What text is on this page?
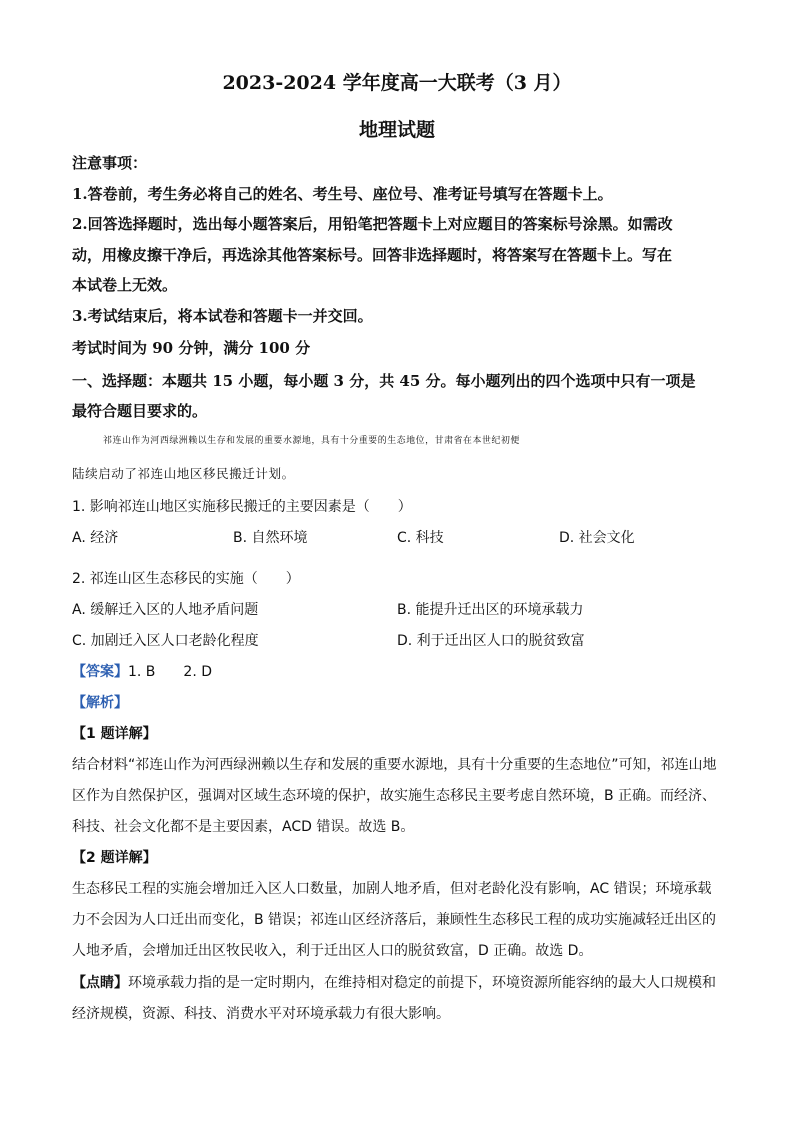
2023-2024 学年度高一大联考（3 月）
地理试题
注意事项：
1.答卷前，考生务必将自己的姓名、考生号、座位号、准考证号填写在答题卡上。
2.回答选择题时，选出每小题答案后，用铅笔把答题卡上对应题目的答案标号涂黑。如需改
动，用橡皮擦干净后，再选涂其他答案标号。回答非选择题时，将答案写在答题卡上。写在
本试卷上无效。
3.考试结束后，将本试卷和答题卡一并交回。
考试时间为 90 分钟，满分 100 分
一、选择题：本题共 15 小题，每小题 3 分，共 45 分。每小题列出的四个选项中只有一项是
最符合题目要求的。
祁连山作为河西绿洲赖以生存和发展的重要水源地，具有十分重要的生态地位，甘肃省在本世纪初便
陆续启动了祁连山地区移民搬迁计划。
1. 影响祁连山地区实施移民搬迁的主要因素是（　　）
A. 经济	B. 自然环境	C. 科技	D. 社会文化
2. 祁连山区生态移民的实施（　　）
A. 缓解迁入区的人地矛盾问题	B. 能提升迁出区的环境承载力
C. 加剧迁入区人口老龄化程度	D. 利于迁出区人口的脱贫致富
【答案】1. B　　2. D
【解析】
【1 题详解】
结合材料“祁连山作为河西绿洲赖以生存和发展的重要水源地，具有十分重要的生态地位”可知，祁连山地
区作为自然保护区，强调对区域生态环境的保护，故实施生态移民主要考虑自然环境，B 正确。而经济、
科技、社会文化都不是主要因素，ACD 错误。故选 B。
【2 题详解】
生态移民工程的实施会增加迁入区人口数量，加剧人地矛盾，但对老龄化没有影响，AC 错误；环境承载
力不会因为人口迁出而变化，B 错误；祁连山区经济落后，兼顾性生态移民工程的成功实施减轻迁出区的
人地矛盾，会增加迁出区牧民收入，利于迁出区人口的脱贫致富，D 正确。故选 D。
【点睛】环境承载力指的是一定时期内，在维持相对稳定的前提下，环境资源所能容纳的最大人口规模和
经济规模，资源、科技、消费水平对环境承载力有很大影响。
